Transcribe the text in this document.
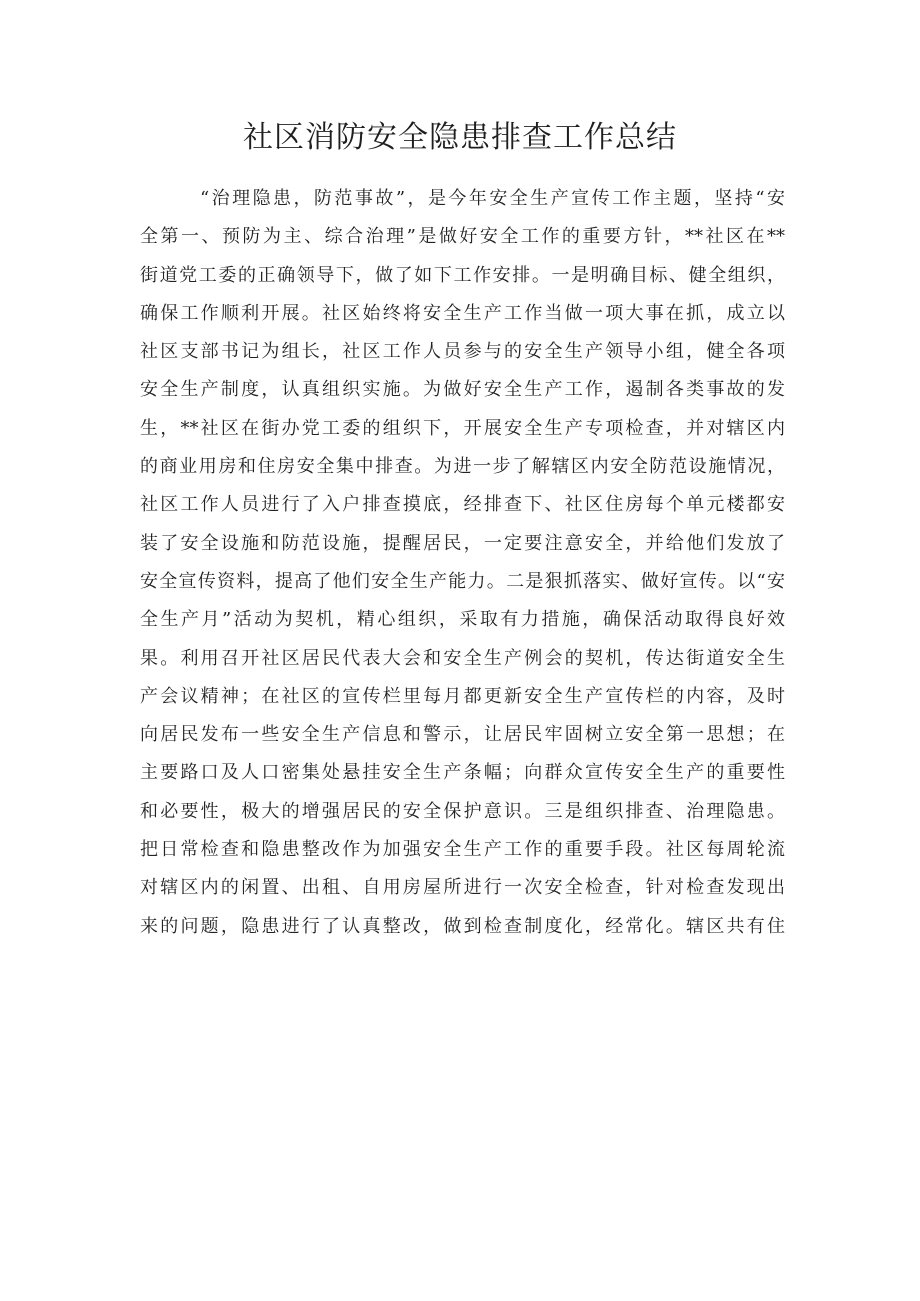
社区消防安全隐患排查工作总结
“治理隐患，防范事故”，是今年安全生产宣传工作主题，坚持“安
全第一、预防为主、综合治理”是做好安全工作的重要方针，**社区在**
街道党工委的正确领导下，做了如下工作安排。一是明确目标、健全组织，
确保工作顺利开展。社区始终将安全生产工作当做一项大事在抓，成立以
社区支部书记为组长，社区工作人员参与的安全生产领导小组，健全各项
安全生产制度，认真组织实施。为做好安全生产工作，遏制各类事故的发
生，**社区在街办党工委的组织下，开展安全生产专项检查，并对辖区内
的商业用房和住房安全集中排查。为进一步了解辖区内安全防范设施情况，
社区工作人员进行了入户排查摸底，经排查下、社区住房每个单元楼都安
装了安全设施和防范设施，提醒居民，一定要注意安全，并给他们发放了
安全宣传资料，提高了他们安全生产能力。二是狠抓落实、做好宣传。以“安
全生产月”活动为契机，精心组织，采取有力措施，确保活动取得良好效
果。利用召开社区居民代表大会和安全生产例会的契机，传达街道安全生
产会议精神；在社区的宣传栏里每月都更新安全生产宣传栏的内容，及时
向居民发布一些安全生产信息和警示，让居民牢固树立安全第一思想；在
主要路口及人口密集处悬挂安全生产条幅；向群众宣传安全生产的重要性
和必要性，极大的增强居民的安全保护意识。三是组织排查、治理隐患。
把日常检查和隐患整改作为加强安全生产工作的重要手段。社区每周轮流
对辖区内的闲置、出租、自用房屋所进行一次安全检查，针对检查发现出
来的问题，隐患进行了认真整改，做到检查制度化，经常化。辖区共有住
